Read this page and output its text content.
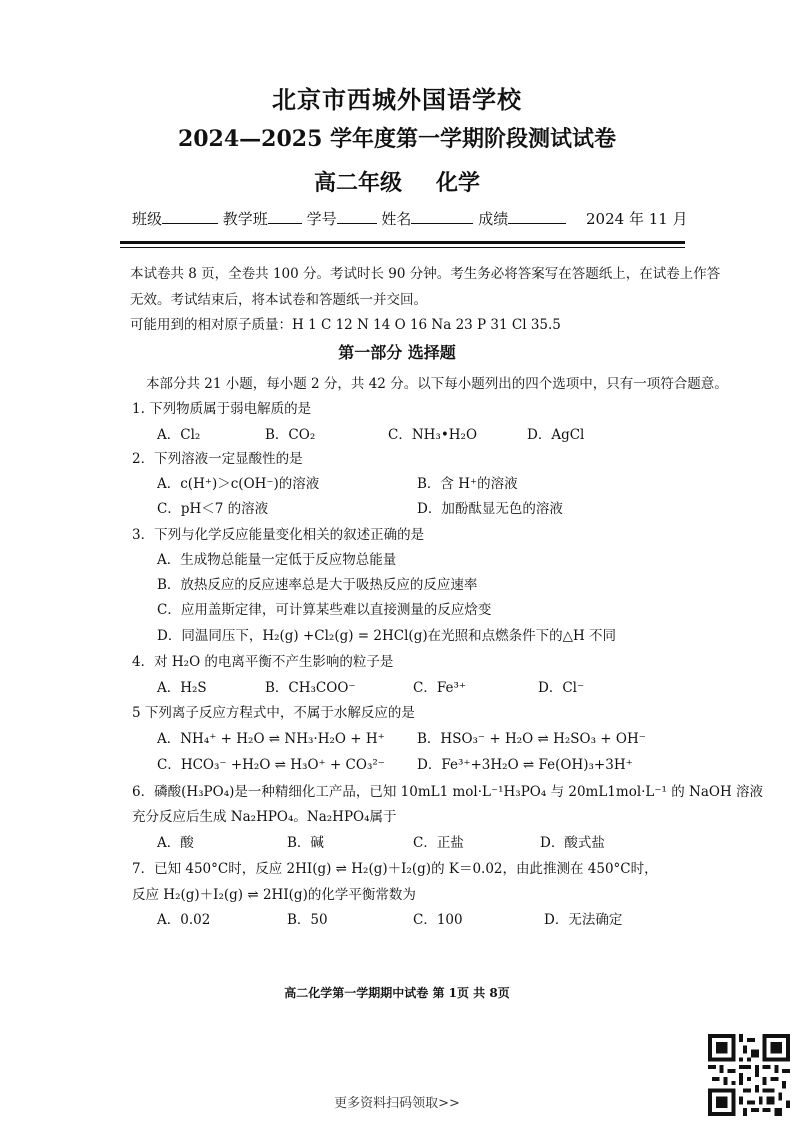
北京市西城外国语学校
2024—2025 学年度第一学期阶段测试试卷
高二年级 化学
班级	教学班	学号	姓名	成绩	2024 年 11 月
本试卷共 8 页，全卷共 100 分。考试时长 90 分钟。考生务必将答案写在答题纸上，在试卷上作答
无效。考试结束后，将本试卷和答题纸一并交回。
可能用到的相对原子质量：H 1 C 12 N 14 O 16 Na 23 P 31 Cl 35.5
第一部分 选择题
本部分共 21 小题，每小题 2 分，共 42 分。以下每小题列出的四个选项中，只有一项符合题意。
1. 下列物质属于弱电解质的是
A．Cl₂	B．CO₂	C．NH₃•H₂O	D．AgCl
2．下列溶液一定显酸性的是
A．c(H⁺)＞c(OH⁻)的溶液	B．含 H⁺的溶液
C．pH＜7 的溶液	D．加酚酞显无色的溶液
3．下列与化学反应能量变化相关的叙述正确的是
A．生成物总能量一定低于反应物总能量
B．放热反应的反应速率总是大于吸热反应的反应速率
C．应用盖斯定律，可计算某些难以直接测量的反应焓变
D．同温同压下，H₂(g) +Cl₂(g) = 2HCl(g)在光照和点燃条件下的△H 不同
4．对 H₂O 的电离平衡不产生影响的粒子是
A．H₂S	B．CH₃COO⁻	C．Fe³⁺	D．Cl⁻
5 下列离子反应方程式中，不属于水解反应的是
A．NH₄⁺ + H₂O ⇌ NH₃·H₂O + H⁺ B．HSO₃⁻ + H₂O ⇌ H₂SO₃ + OH⁻
C．HCO₃⁻ +H₂O ⇌ H₃O⁺ + CO₃²⁻ D．Fe³⁺+3H₂O ⇌ Fe(OH)₃+3H⁺
6．磷酸(H₃PO₄)是一种精细化工产品，已知 10mL1 mol·L⁻¹H₃PO₄ 与 20mL1mol·L⁻¹ 的 NaOH 溶液
充分反应后生成 Na₂HPO₄。Na₂HPO₄属于
A．酸	B．碱	C．正盐	D．酸式盐
7．已知 450°C时，反应 2HI(g) ⇌ H₂(g)＋I₂(g)的 K＝0.02，由此推测在 450°C时，
反应 H₂(g)＋I₂(g) ⇌ 2HI(g)的化学平衡常数为
A．0.02	B．50	C．100	D．无法确定
高二化学第一学期期中试卷 第 1页 共 8页
更多资料扫码领取>>
